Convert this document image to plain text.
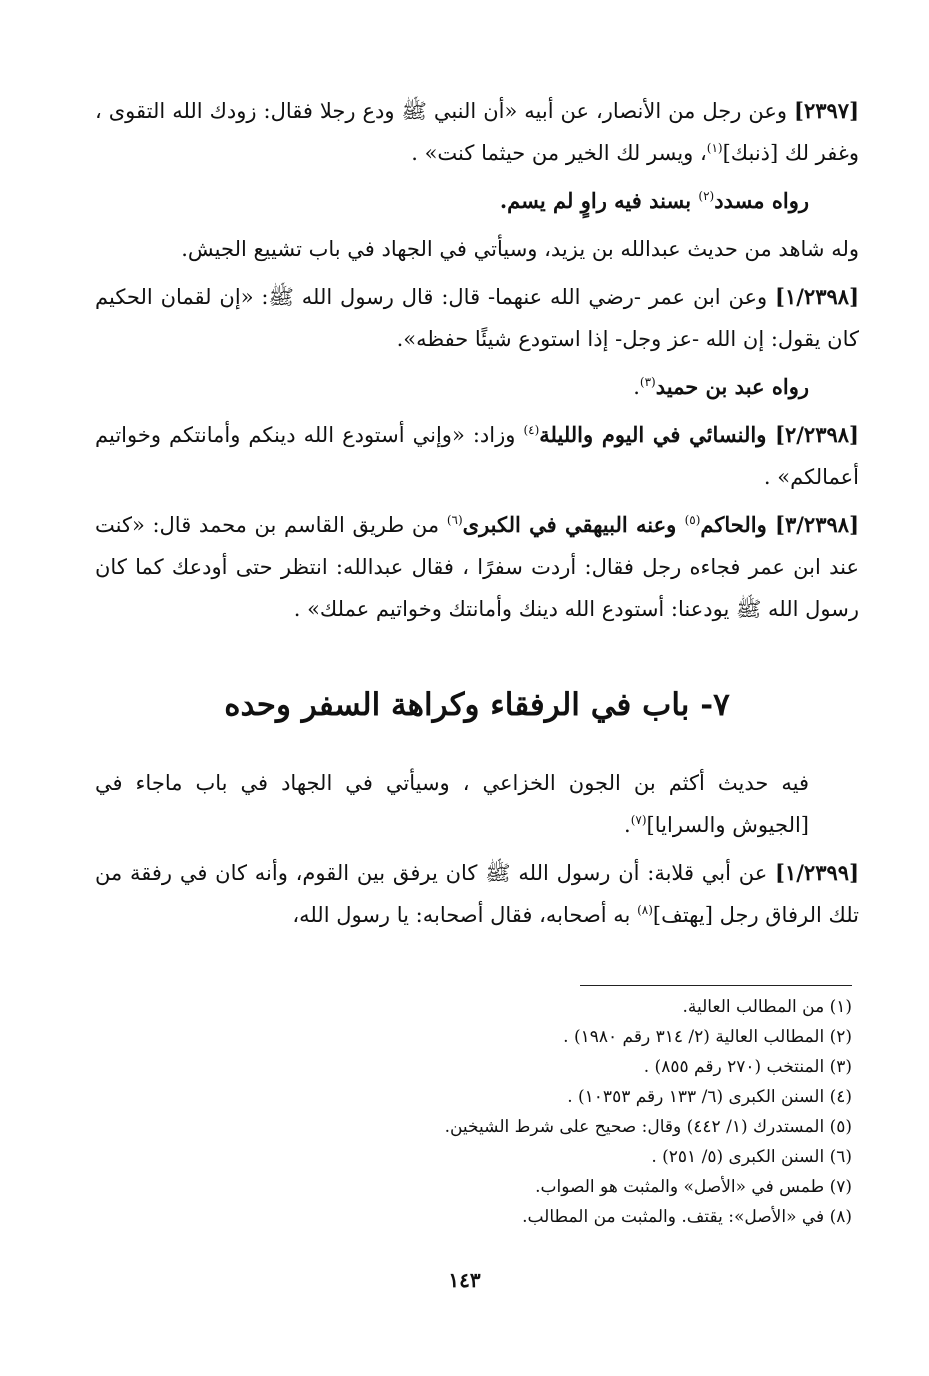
[٢٣٩٧] وعن رجل من الأنصار، عن أبيه «أن النبي ﷺ ودع رجلا فقال: زودك الله التقوى ، وغفر لك [ذنبك]$^{(١)}$، ويسر لك الخير من حيثما كنت» .

رواه مسدد$^{(٢)}$ بسند فيه راوٍ لم يسم.

وله شاهد من حديث عبدالله بن يزيد، وسيأتي في الجهاد في باب تشييع الجيش.

[١/٢٣٩٨] وعن ابن عمر -رضي الله عنهما- قال: قال رسول الله ﷺ: «إن لقمان الحكيم كان يقول: إن الله -عز وجل- إذا استودع شيئًا حفظه».

رواه عبد بن حميد$^{(٣)}$.

[٢/٢٣٩٨] والنسائي في اليوم والليلة$^{(٤)}$ وزاد: «وإني أستودع الله دينكم وأمانتكم وخواتيم أعمالكم» .

[٣/٢٣٩٨] والحاكم$^{(٥)}$ وعنه البيهقي في الكبرى$^{(٦)}$ من طريق القاسم بن محمد قال: «كنت عند ابن عمر فجاءه رجل فقال: أردت سفرًا ، فقال عبدالله: انتظر حتى أودعك كما كان رسول الله ﷺ يودعنا: أستودع الله دينك وأمانتك وخواتيم عملك» .

٧- باب في الرفقاء وكراهة السفر وحده

فيه حديث أكثم بن الجون الخزاعي ، وسيأتي في الجهاد في باب ماجاء في [الجيوش والسرايا]$^{(٧)}$.

[١/٢٣٩٩] عن أبي قلابة: أن رسول الله ﷺ كان يرفق بين القوم، وأنه كان في رفقة من تلك الرفاق رجل [يهتف]$^{(٨)}$ به أصحابه، فقال أصحابه: يا رسول الله،

(١) من المطالب العالية.

(٢) المطالب العالية (٢/ ٣١٤ رقم ١٩٨٠) .

(٣) المنتخب (٢٧٠ رقم ٨٥٥) .

(٤) السنن الكبرى (٦/ ١٣٣ رقم ١٠٣٥٣) .

(٥) المستدرك (١/ ٤٤٢) وقال: صحيح على شرط الشيخين.

(٦) السنن الكبرى (٥/ ٢٥١) .

(٧) طمس في «الأصل» والمثبت هو الصواب.

(٨) في «الأصل»: يقتف. والمثبت من المطالب.

١٤٣
